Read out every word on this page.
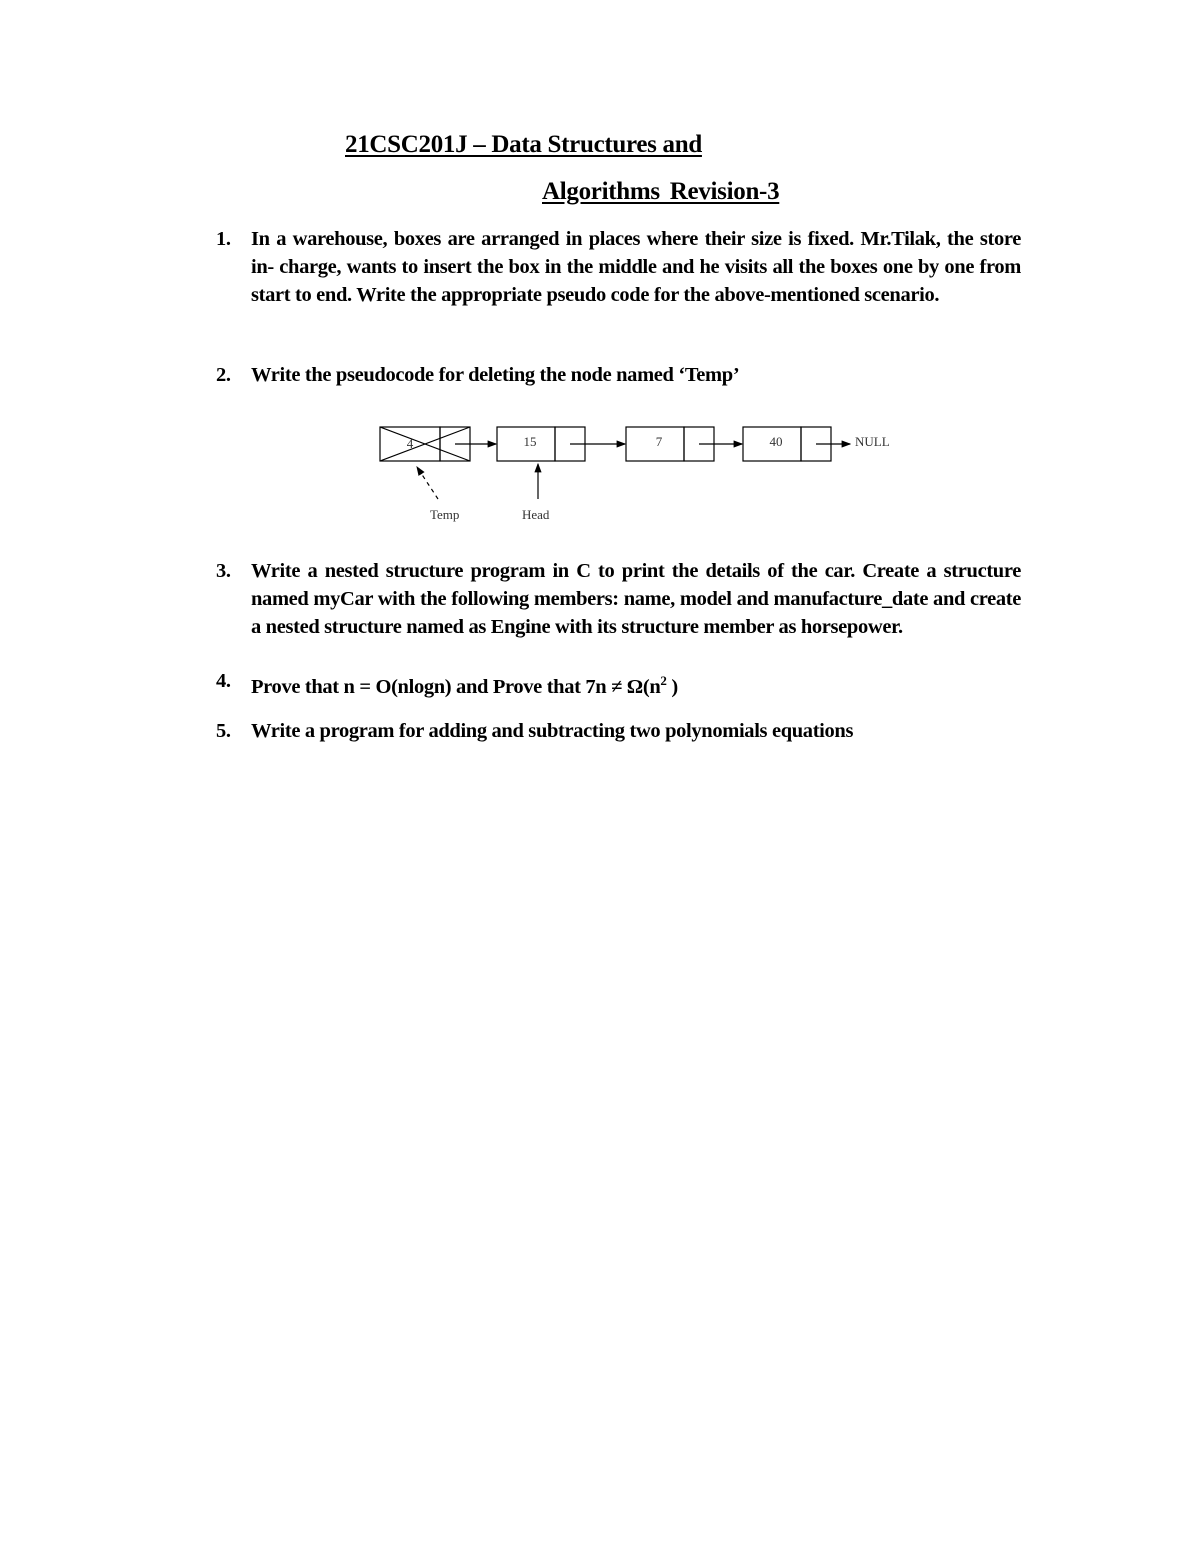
21CSC201J – Data Structures and
Algorithms Revision-3
1. In a warehouse, boxes are arranged in places where their size is fixed. Mr.Tilak, the store in- charge, wants to insert the box in the middle and he visits all the boxes one by one from start to end. Write the appropriate pseudo code for the above-mentioned scenario.
2. Write the pseudocode for deleting the node named ‘Temp’
4	15	7	40	NULL
Temp	Head
3. Write a nested structure program in C to print the details of the car. Create a structure named myCar with the following members: name, model and manufacture_date and create a nested structure named as Engine with its structure member as horsepower.
4. Prove that n = O(nlogn) and Prove that $7n \ne \Omega(n^2$ )
5. Write a program for adding and subtracting two polynomials equations
